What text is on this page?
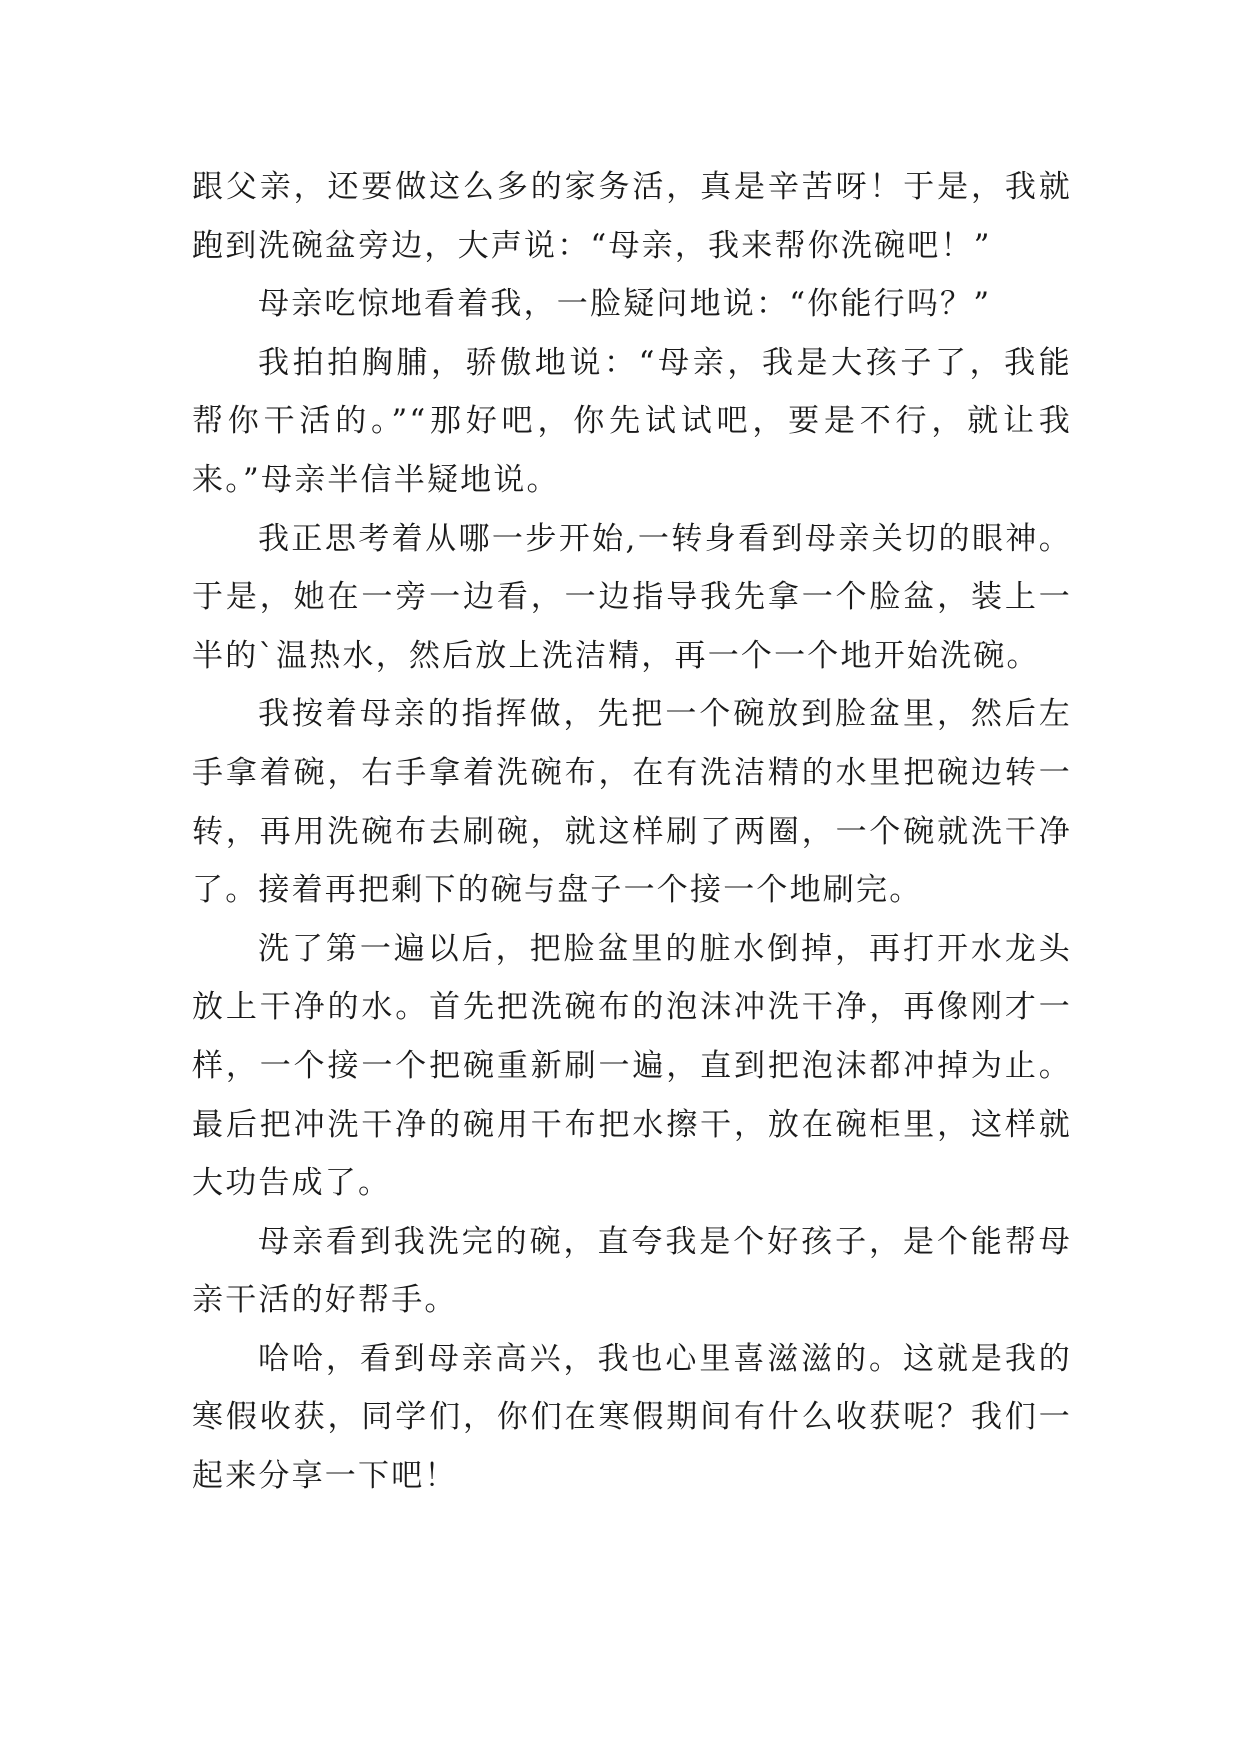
跟父亲，还要做这么多的家务活，真是辛苦呀！于是，我就跑到洗碗盆旁边，大声说：“母亲，我来帮你洗碗吧！”

母亲吃惊地看着我，一脸疑问地说：“你能行吗？”

我拍拍胸脯，骄傲地说：“母亲，我是大孩子了，我能帮你干活的。”“那好吧，你先试试吧，要是不行，就让我来。”母亲半信半疑地说。

我正思考着从哪一步开始,一转身看到母亲关切的眼神。于是，她在一旁一边看，一边指导我先拿一个脸盆，装上一半的`温热水，然后放上洗洁精，再一个一个地开始洗碗。

我按着母亲的指挥做，先把一个碗放到脸盆里，然后左手拿着碗，右手拿着洗碗布，在有洗洁精的水里把碗边转一转，再用洗碗布去刷碗，就这样刷了两圈，一个碗就洗干净了。接着再把剩下的碗与盘子一个接一个地刷完。

洗了第一遍以后，把脸盆里的脏水倒掉，再打开水龙头放上干净的水。首先把洗碗布的泡沫冲洗干净，再像刚才一样，一个接一个把碗重新刷一遍，直到把泡沫都冲掉为止。最后把冲洗干净的碗用干布把水擦干，放在碗柜里，这样就大功告成了。

母亲看到我洗完的碗，直夸我是个好孩子，是个能帮母亲干活的好帮手。

哈哈，看到母亲高兴，我也心里喜滋滋的。这就是我的寒假收获，同学们，你们在寒假期间有什么收获呢？我们一起来分享一下吧！
